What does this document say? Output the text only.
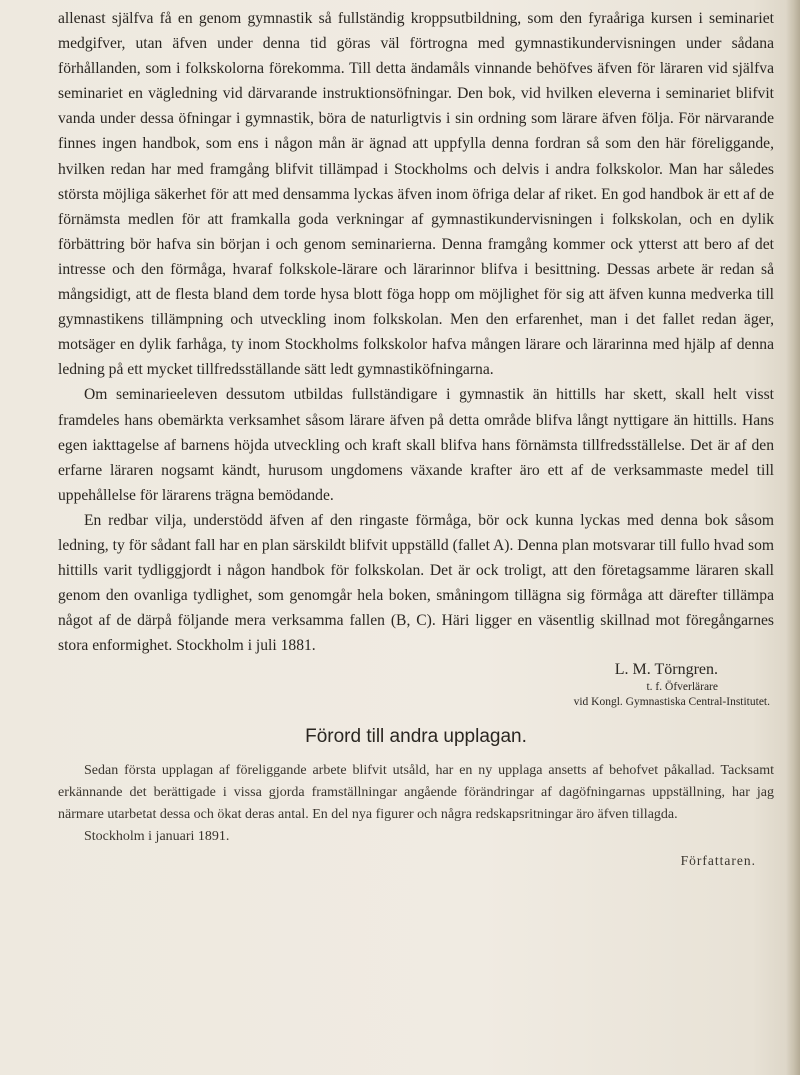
allenast själfva få en genom gymnastik så fullständig kroppsutbildning, som den fyraåriga kursen i seminariet medgifver, utan äfven under denna tid göras väl förtrogna med gymnastikundervisningen under sådana förhållanden, som i folkskolorna förekomma. Till detta ändamåls vinnande behöfves äfven för läraren vid själfva seminariet en vägledning vid därvarande instruktionsöfningar. Den bok, vid hvilken eleverna i seminariet blifvit vanda under dessa öfningar i gymnastik, böra de naturligtvis i sin ordning som lärare äfven följa. För närvarande finnes ingen handbok, som ens i någon mån är ägnad att uppfylla denna fordran så som den här föreliggande, hvilken redan har med framgång blifvit tillämpad i Stockholms och delvis i andra folkskolor. Man har således största möjliga säkerhet för att med densamma lyckas äfven inom öfriga delar af riket. En god handbok är ett af de förnämsta medlen för att framkalla goda verkningar af gymnastikundervisningen i folkskolan, och en dylik förbättring bör hafva sin början i och genom seminarierna. Denna framgång kommer ock ytterst att bero af det intresse och den förmåga, hvaraf folkskole-lärare och lärarinnor blifva i besittning. Dessas arbete är redan så mångsidigt, att de flesta bland dem torde hysa blott föga hopp om möjlighet för sig att äfven kunna medverka till gymnastikens tillämpning och utveckling inom folkskolan. Men den erfarenhet, man i det fallet redan äger, motsäger en dylik farhåga, ty inom Stockholms folkskolor hafva mången lärare och lärarinna med hjälp af denna ledning på ett mycket tillfredsställande sätt ledt gymnastiköfningarna.

Om seminarieeleven dessutom utbildas fullständigare i gymnastik än hittills har skett, skall helt visst framdeles hans obemärkta verksamhet såsom lärare äfven på detta område blifva långt nyttigare än hittills. Hans egen iakttagelse af barnens höjda utveckling och kraft skall blifva hans förnämsta tillfredsställelse. Det är af den erfarne läraren nogsamt kändt, hurusom ungdomens växande krafter äro ett af de verksammaste medel till uppehållelse för lärarens trägna bemödande.

En redbar vilja, understödd äfven af den ringaste förmåga, bör ock kunna lyckas med denna bok såsom ledning, ty för sådant fall har en plan särskildt blifvit uppställd (fallet A). Denna plan motsvarar till fullo hvad som hittills varit tydliggjordt i någon handbok för folkskolan. Det är ock troligt, att den företagsamme läraren skall genom den ovanliga tydlighet, som genomgår hela boken, småningom tillägna sig förmåga att därefter tillämpa något af de därpå följande mera verksamma fallen (B, C). Häri ligger en väsentlig skillnad mot föregångarnes stora enformighet. Stockholm i juli 1881.

L. M. Törngren.
t. f. Öfverlärare
vid Kongl. Gymnastiska Central-Institutet.
Förord till andra upplagan.

Sedan första upplagan af föreliggande arbete blifvit utsåld, har en ny upplaga ansetts af behofvet påkallad. Tacksamt erkännande det berättigade i vissa gjorda framställningar angående förändringar af dagöfningarnas uppställning, har jag närmare utarbetat dessa och ökat deras antal. En del nya figurer och några redskapsritningar äro äfven tillagda.

Stockholm i januari 1891.

Författaren.
